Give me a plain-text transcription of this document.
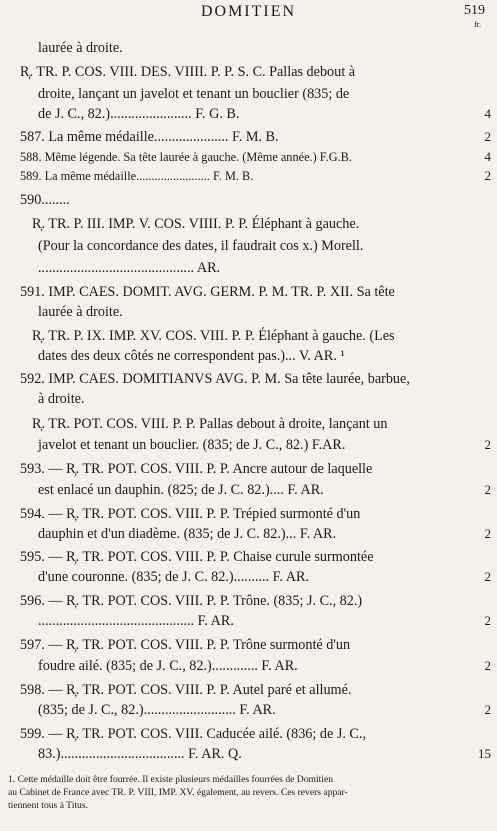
DOMITIEN	519
fr.
laurée à droite.
R̦. TR. P. COS. VIII. DES. VIIII. P. P. S. C. Pallas debout à
droite, lançant un javelot et tenant un bouclier (835; de
de J. C., 82.)....................... F. G. B.	4
587. La même médaille..................... F. M. B.	2
588. Même légende. Sa tête laurée à gauche. (Même année.) F.G.B.	4
589. La même médaille........................ F. M. B.	2
590........
R̦. TR. P. III. IMP. V. COS. VIIII. P. P. Éléphant à gauche.
(Pour la concordance des dates, il faudrait cos x.) Morell.
............................................ AR.
591. IMP. CAES. DOMIT. AVG. GERM. P. M. TR. P. XII. Sa tête
laurée à droite.
R̦. TR. P. IX. IMP. XV. COS. VIII. P. P. Éléphant à gauche. (Les
dates des deux côtés ne correspondent pas.)... V. AR. ¹
592. IMP. CAES. DOMITIANVS AVG. P. M. Sa tête laurée, barbue,
à droite.
R̦. TR. POT. COS. VIII. P. P. Pallas debout à droite, lançant un
javelot et tenant un bouclier. (835; de J. C., 82.) F.AR.	2
593. — R̦. TR. POT. COS. VIII. P. P. Ancre autour de laquelle
est enlacé un dauphin. (825; de J. C. 82.).... F. AR.	2
594. — R̦. TR. POT. COS. VIII. P. P. Trépied surmonté d'un
dauphin et d'un diadème. (835; de J. C. 82.)... F. AR.	2
595. — R̦. TR. POT. COS. VIII. P. P. Chaise curule surmontée
d'une couronne. (835; de J. C. 82.).......... F. AR.	2
596. — R̦. TR. POT. COS. VIII. P. P. Trône. (835; J. C., 82.)
............................................ F. AR.	2
597. — R̦. TR. POT. COS. VIII. P. P. Trône surmonté d'un
foudre ailé. (835; de J. C., 82.)............. F. AR.	2
598. — R̦. TR. POT. COS. VIII. P. P. Autel paré et allumé.
(835; de J. C., 82.).......................... F. AR.	2
599. — R̦. TR. POT. COS. VIII. Caducée ailé. (836; de J. C.,
83.)................................... F. AR. Q.	15
1. Cette médaille doit être fourrée. Il existe plusieurs médailles fourrées de Domitien
au Cabinet de France avec TR. P. VIII, IMP. XV. également, au revers. Ces revers appar-
tiennent tous à Titus.
